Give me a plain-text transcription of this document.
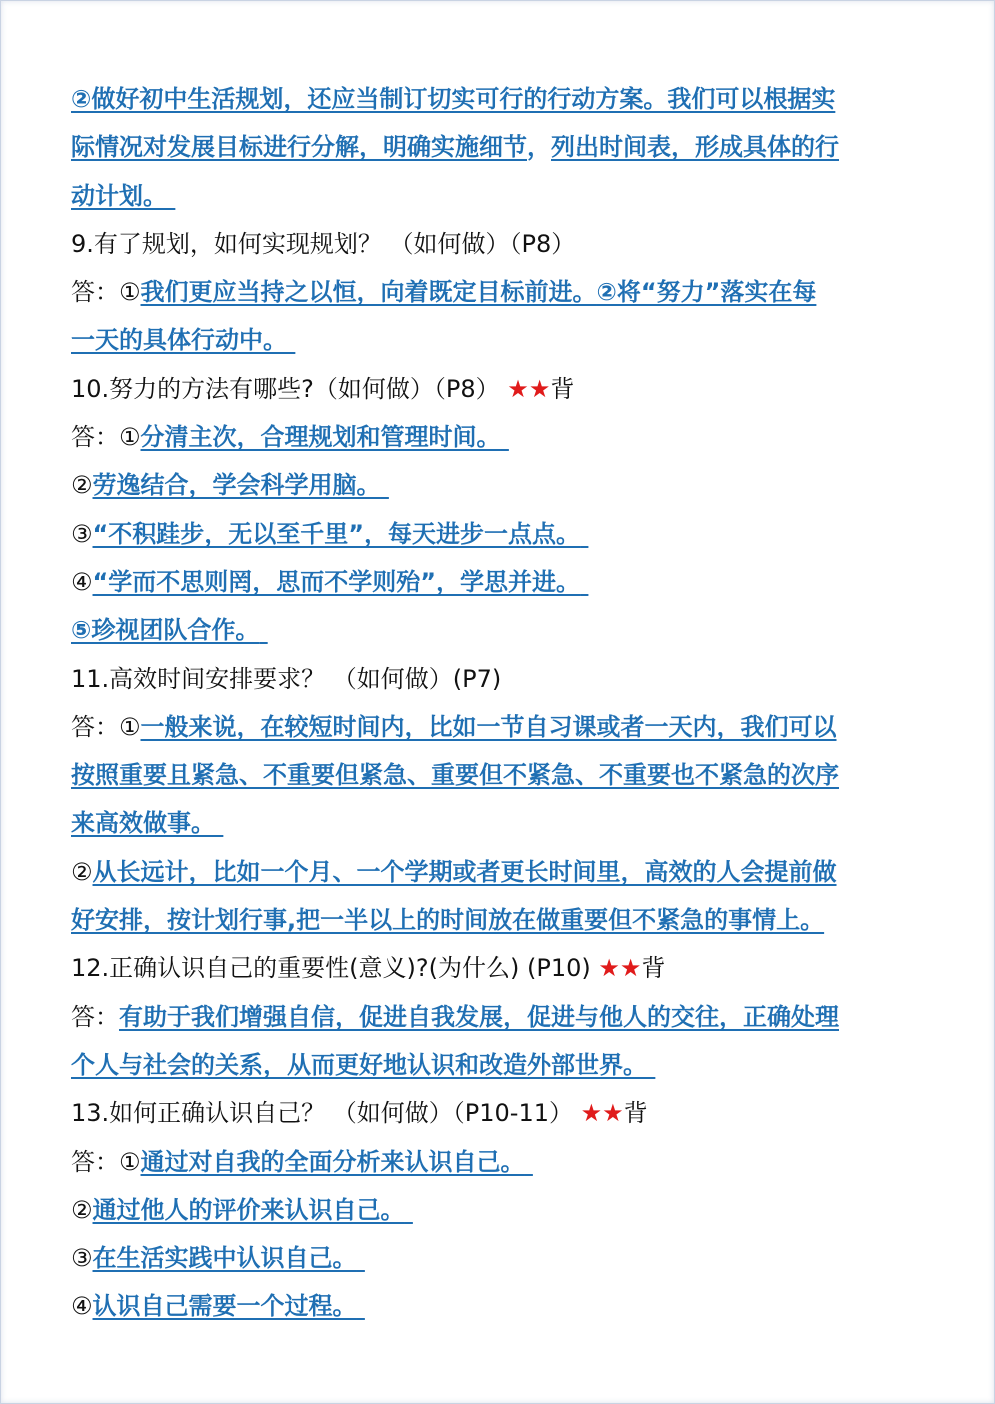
②做好初中生活规划，还应当制订切实可行的行动方案。我们可以根据实
际情况对发展目标进行分解，明确实施细节，列出时间表，形成具体的行
动计划。
9.有了规划，如何实现规划？ （如何做）（P8）
答：①我们更应当持之以恒，向着既定目标前进。②将“努力”落实在每
一天的具体行动中。
10.努力的方法有哪些?（如何做）（P8） ★★背
答：①分清主次，合理规划和管理时间。
②劳逸结合，学会科学用脑。
③“不积跬步，无以至千里”，每天进步一点点。
④“学而不思则罔，思而不学则殆”，学思并进。
⑤珍视团队合作。
11.高效时间安排要求？ （如何做）(P7)
答：①一般来说，在较短时间内，比如一节自习课或者一天内，我们可以
按照重要且紧急、不重要但紧急、重要但不紧急、不重要也不紧急的次序
来高效做事。
②从长远计，比如一个月、一个学期或者更长时间里，高效的人会提前做
好安排，按计划行事,把一半以上的时间放在做重要但不紧急的事情上。
12.正确认识自己的重要性(意义)?(为什么) (P10) ★★背
答：有助于我们增强自信，促进自我发展，促进与他人的交往，正确处理
个人与社会的关系，从而更好地认识和改造外部世界。
13.如何正确认识自己？ （如何做）（P10-11） ★★背
答：①通过对自我的全面分析来认识自己。
②通过他人的评价来认识自己。
③在生活实践中认识自己。
④认识自己需要一个过程。
